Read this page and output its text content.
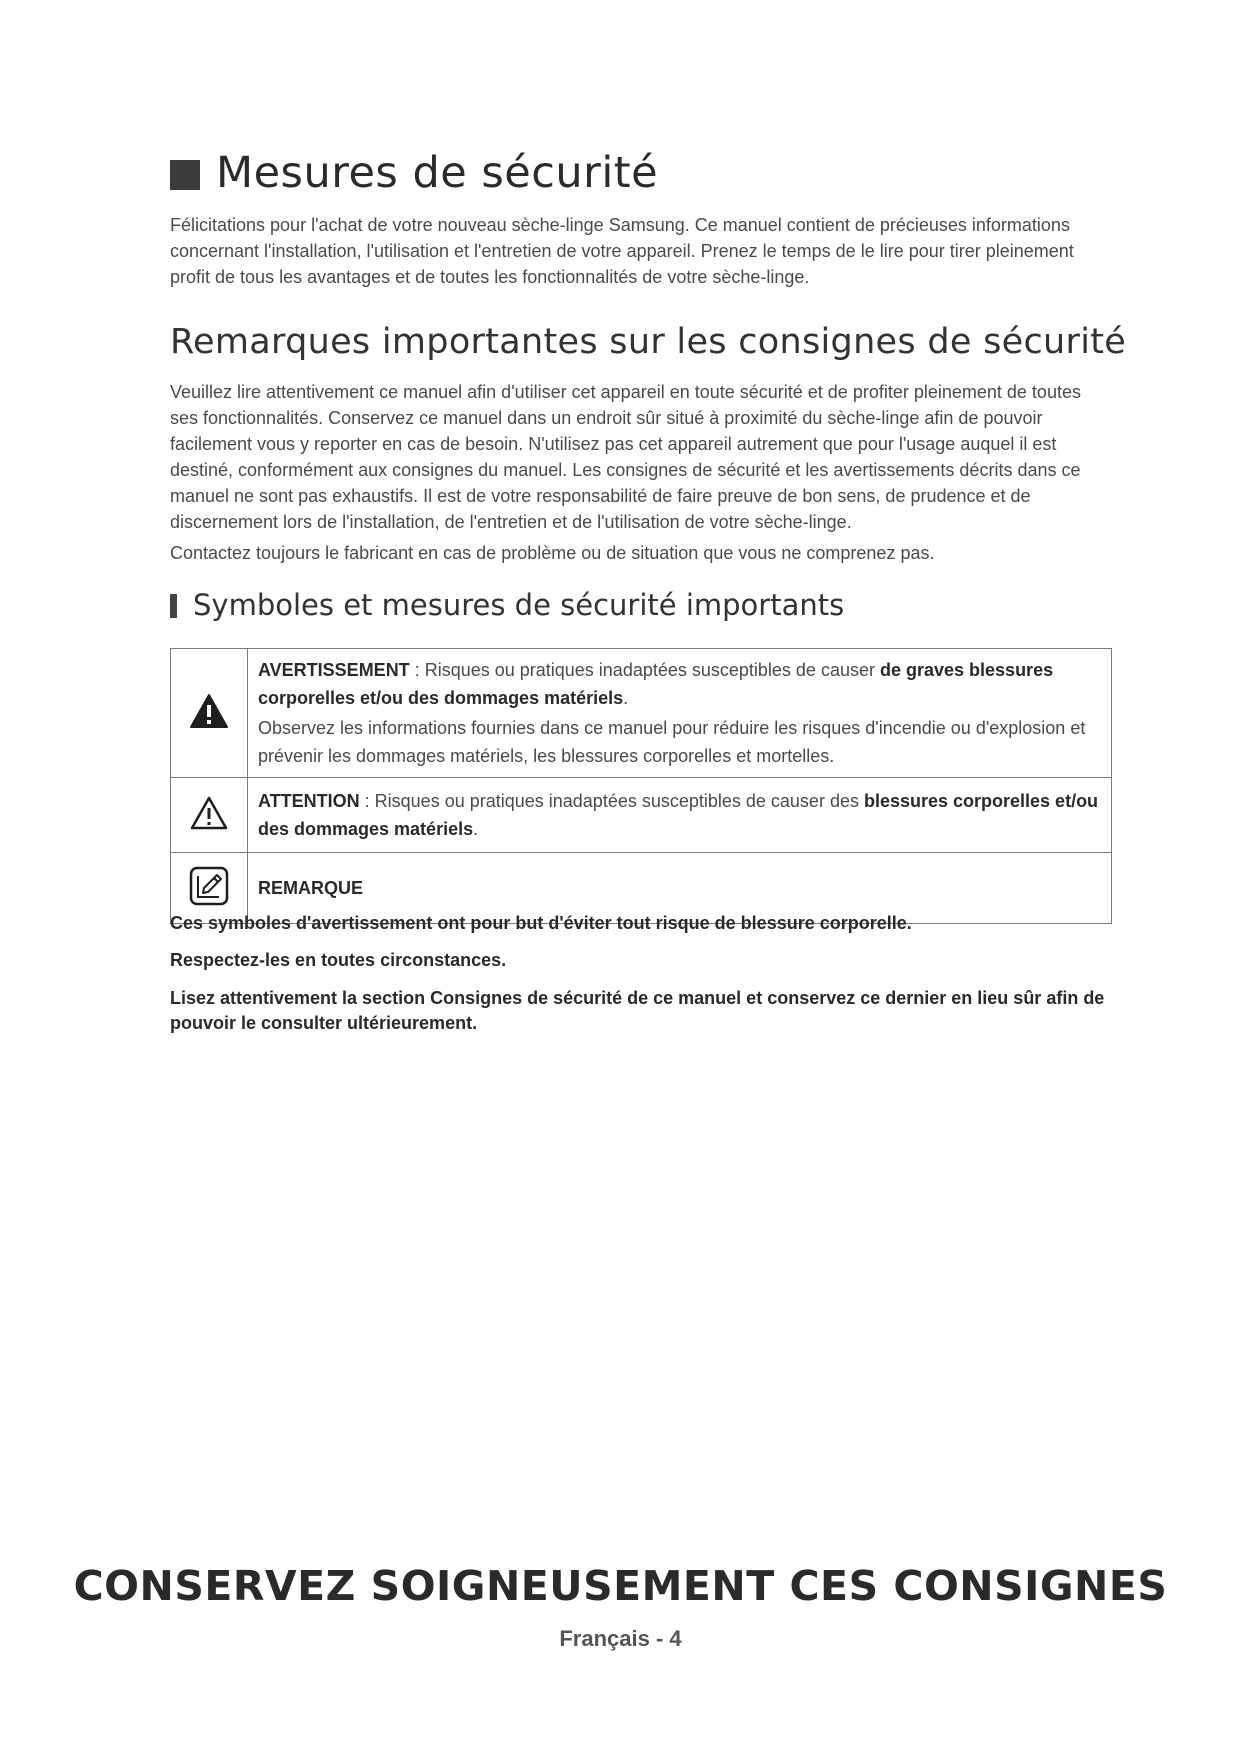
Mesures de sécurité

Félicitations pour l'achat de votre nouveau sèche-linge Samsung. Ce manuel contient de précieuses informations concernant l'installation, l'utilisation et l'entretien de votre appareil. Prenez le temps de le lire pour tirer pleinement profit de tous les avantages et de toutes les fonctionnalités de votre sèche-linge.

Remarques importantes sur les consignes de sécurité

Veuillez lire attentivement ce manuel afin d'utiliser cet appareil en toute sécurité et de profiter pleinement de toutes ses fonctionnalités. Conservez ce manuel dans un endroit sûr situé à proximité du sèche-linge afin de pouvoir facilement vous y reporter en cas de besoin. N'utilisez pas cet appareil autrement que pour l'usage auquel il est destiné, conformément aux consignes du manuel. Les consignes de sécurité et les avertissements décrits dans ce manuel ne sont pas exhaustifs. Il est de votre responsabilité de faire preuve de bon sens, de prudence et de discernement lors de l'installation, de l'entretien et de l'utilisation de votre sèche-linge.

Contactez toujours le fabricant en cas de problème ou de situation que vous ne comprenez pas.

Symboles et mesures de sécurité importants
	AVERTISSEMENT : Risques ou pratiques inadaptées susceptibles de causer de graves blessures corporelles et/ou des dommages matériels.
Observez les informations fournies dans ce manuel pour réduire les risques d'incendie ou d'explosion et prévenir les dommages matériels, les blessures corporelles et mortelles.

	ATTENTION : Risques ou pratiques inadaptées susceptibles de causer des blessures corporelles et/ou des dommages matériels.
	REMARQUE

Ces symboles d'avertissement ont pour but d'éviter tout risque de blessure corporelle.

Respectez-les en toutes circonstances.

Lisez attentivement la section Consignes de sécurité de ce manuel et conservez ce dernier en lieu sûr afin de pouvoir le consulter ultérieurement.

CONSERVEZ SOIGNEUSEMENT CES CONSIGNES
Français - 4
